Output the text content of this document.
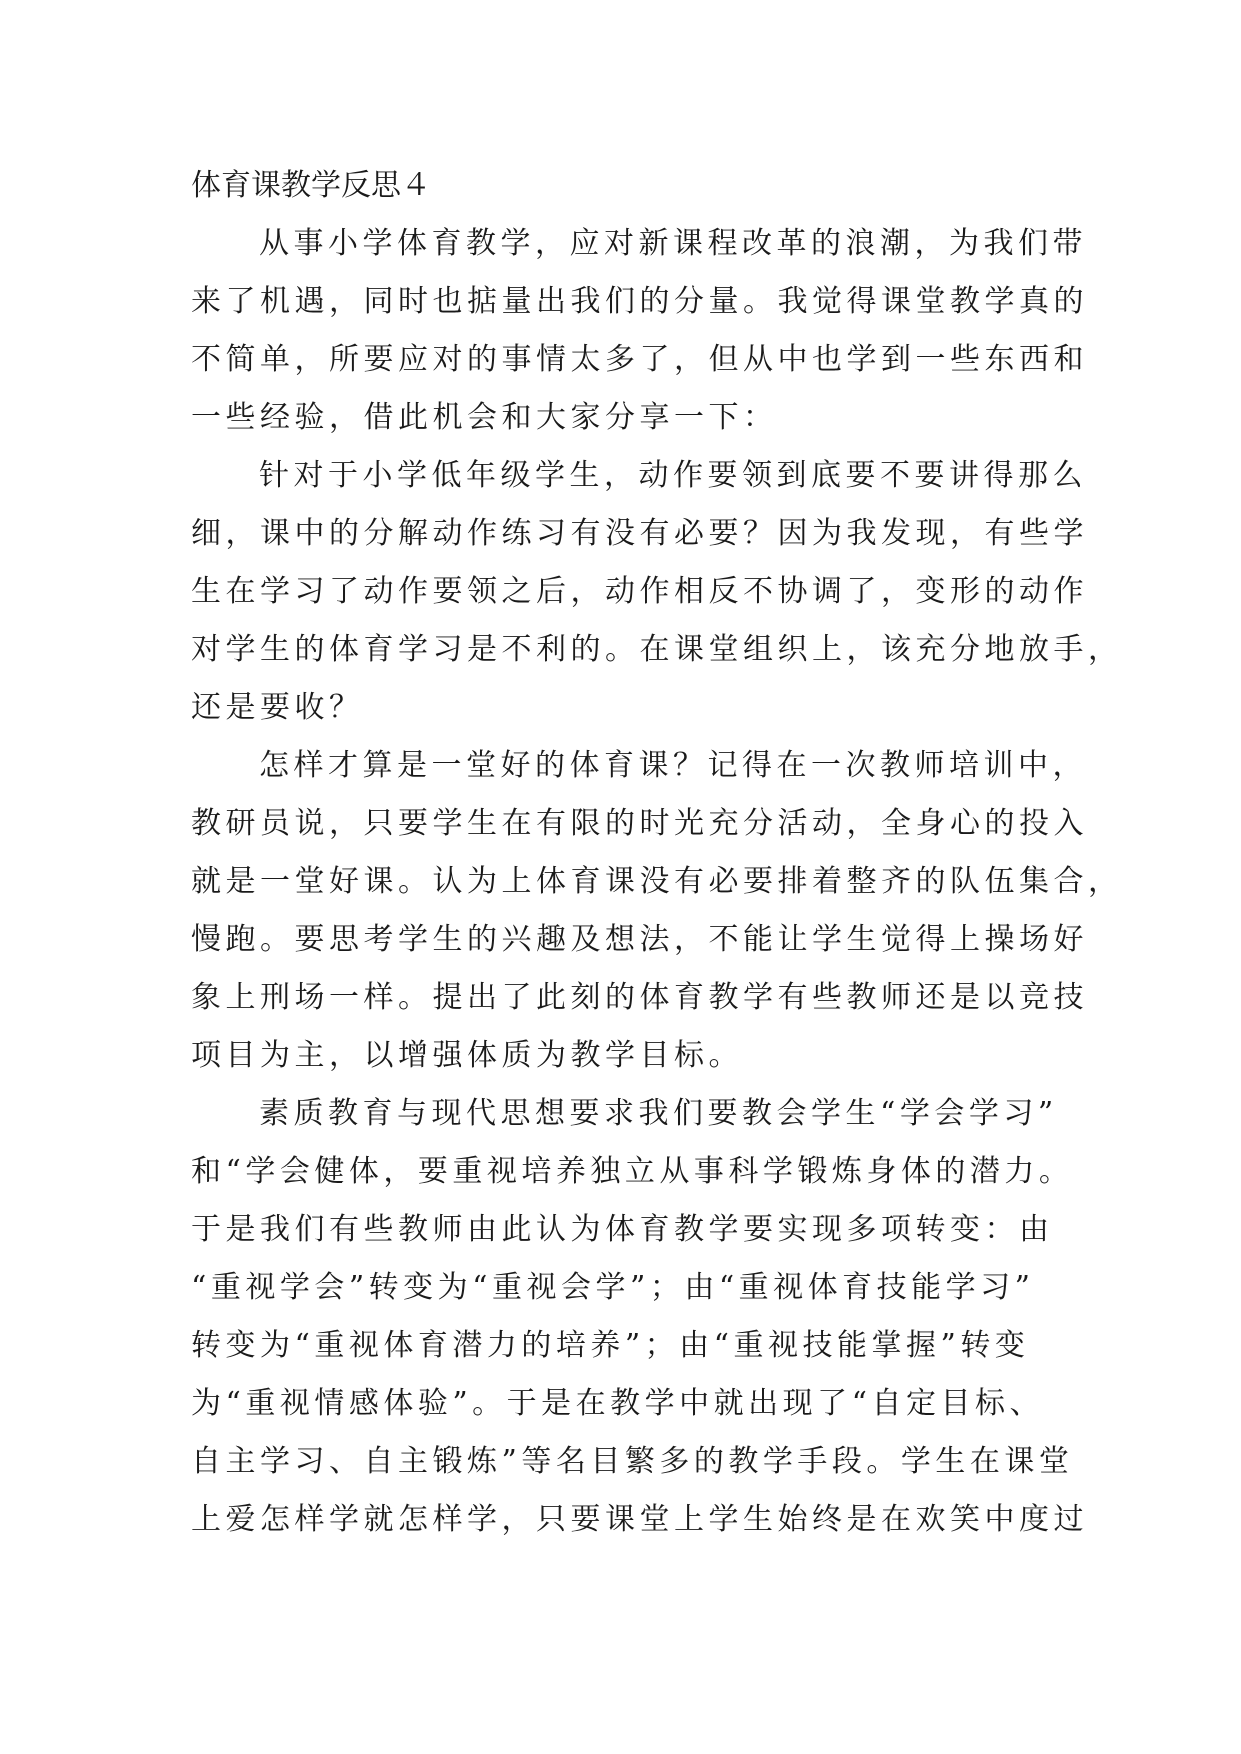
体育课教学反思４

从事小学体育教学，应对新课程改革的浪潮，为我们带

来了机遇，同时也掂量出我们的分量。我觉得课堂教学真的

不简单，所要应对的事情太多了，但从中也学到一些东西和

一些经验，借此机会和大家分享一下：

针对于小学低年级学生，动作要领到底要不要讲得那么

细，课中的分解动作练习有没有必要？因为我发现，有些学

生在学习了动作要领之后，动作相反不协调了，变形的动作

对学生的体育学习是不利的。在课堂组织上，该充分地放手，

还是要收？

怎样才算是一堂好的体育课？记得在一次教师培训中，

教研员说，只要学生在有限的时光充分活动，全身心的投入

就是一堂好课。认为上体育课没有必要排着整齐的队伍集合，

慢跑。要思考学生的兴趣及想法，不能让学生觉得上操场好

象上刑场一样。提出了此刻的体育教学有些教师还是以竞技

项目为主，以增强体质为教学目标。

素质教育与现代思想要求我们要教会学生“学会学习”

和“学会健体，要重视培养独立从事科学锻炼身体的潜力。

于是我们有些教师由此认为体育教学要实现多项转变：由

“重视学会”转变为“重视会学”；由“重视体育技能学习”

转变为“重视体育潜力的培养”；由“重视技能掌握”转变

为“重视情感体验”。于是在教学中就出现了“自定目标、

自主学习、自主锻炼”等名目繁多的教学手段。学生在课堂

上爱怎样学就怎样学，只要课堂上学生始终是在欢笑中度过
